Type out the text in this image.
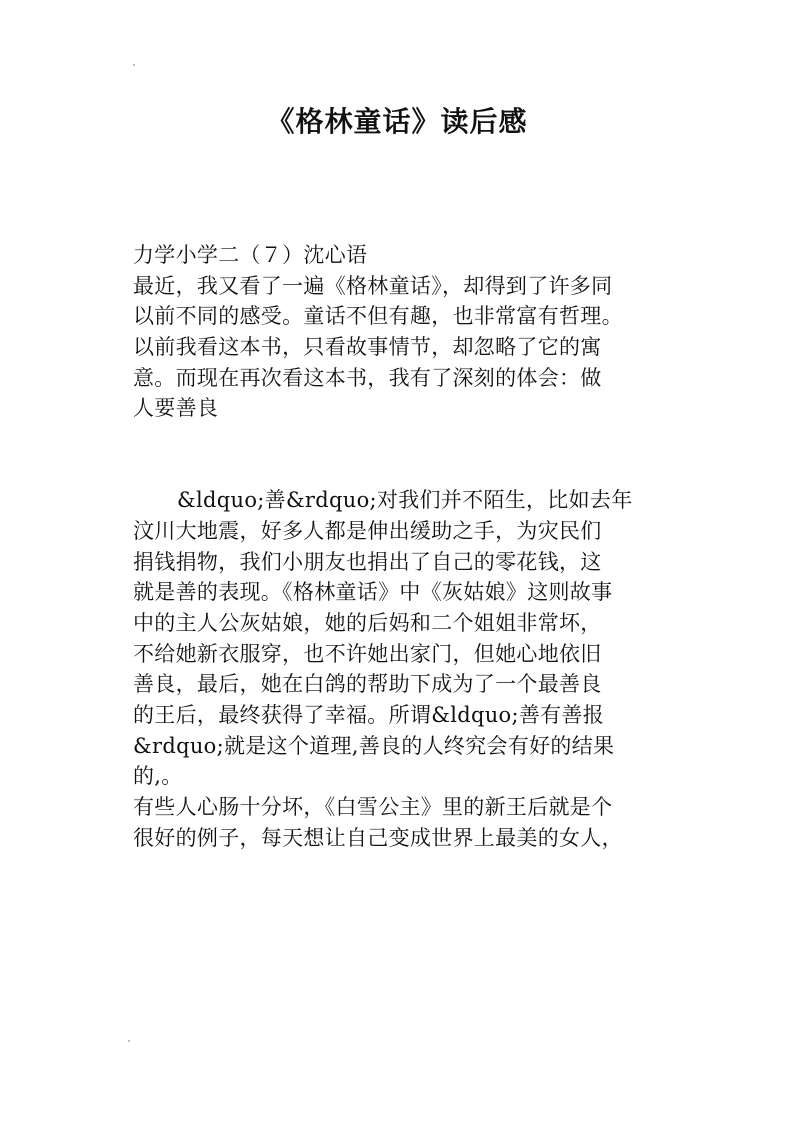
《格林童话》读后感
力学小学二（７）沈心语
最近，我又看了一遍《格林童话》，却得到了许多同
以前不同的感受。童话不但有趣，也非常富有哲理。
以前我看这本书，只看故事情节，却忽略了它的寓
意。而现在再次看这本书，我有了深刻的体会：做
人要善良
&ldquo;善&rdquo;对我们并不陌生，比如去年
汶川大地震，好多人都是伸出缓助之手，为灾民们
捐钱捐物，我们小朋友也捐出了自己的零花钱，这
就是善的表现。《格林童话》中《灰姑娘》这则故事
中的主人公灰姑娘，她的后妈和二个姐姐非常坏，
不给她新衣服穿，也不许她出家门，但她心地依旧
善良，最后，她在白鸽的帮助下成为了一个最善良
的王后，最终获得了幸福。所谓&ldquo;善有善报
&rdquo;就是这个道理,善良的人终究会有好的结果
的,。
有些人心肠十分坏，《白雪公主》里的新王后就是个
很好的例子，每天想让自己变成世界上最美的女人，
